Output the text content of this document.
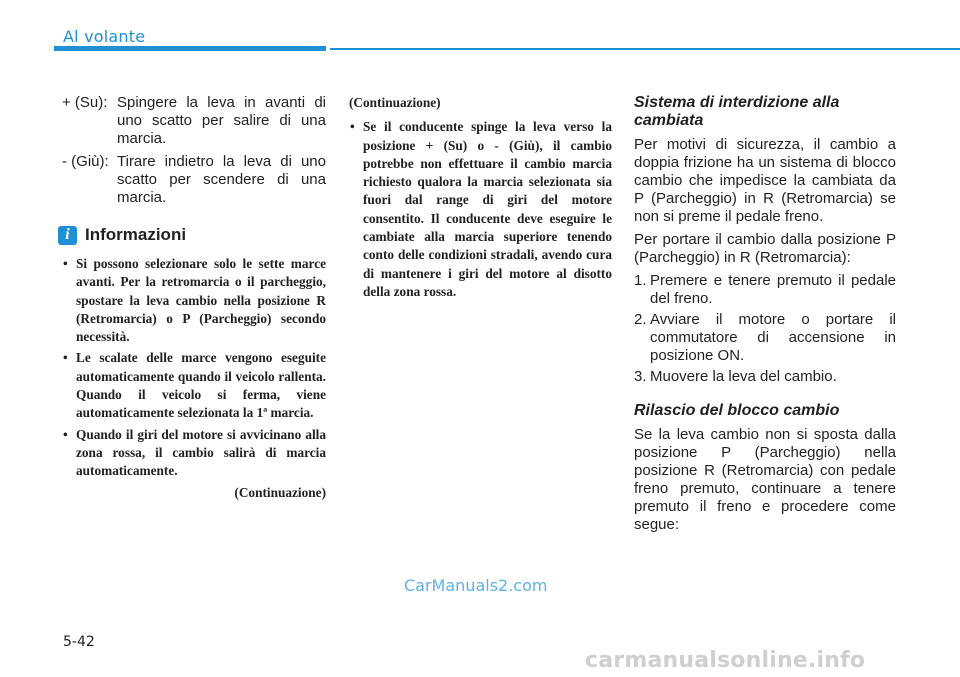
Al volante
+ (Su): Spingere la leva in avanti di uno scatto per salire di una marcia.
- (Giù): Tirare indietro la leva di uno scatto per scendere di una marcia.
i Informazioni
• Si possono selezionare solo le sette marce avanti. Per la retromarcia o il parcheggio, spostare la leva cambio nella posizione R (Retromarcia) o P (Parcheggio) secondo necessità.
• Le scalate delle marce vengono eseguite automaticamente quando il veicolo rallenta. Quando il veicolo si ferma, viene automaticamente selezionata la 1ª marcia.
• Quando il giri del motore si avvicinano alla zona rossa, il cambio salirà di marcia automaticamente.
(Continuazione)
(Continuazione)
• Se il conducente spinge la leva verso la posizione + (Su) o - (Giù), il cambio potrebbe non effettuare il cambio marcia richiesto qualora la marcia selezionata sia fuori dal range di giri del motore consentito. Il conducente deve eseguire le cambiate alla marcia superiore tenendo conto delle condizioni stradali, avendo cura di mantenere i giri del motore al disotto della zona rossa.
Sistema di interdizione alla cambiata
Per motivi di sicurezza, il cambio a doppia frizione ha un sistema di blocco cambio che impedisce la cambiata da P (Parcheggio) in R (Retromarcia) se non si preme il pedale freno.
Per portare il cambio dalla posizione P (Parcheggio) in R (Retromarcia):
1. Premere e tenere premuto il pedale del freno.
2. Avviare il motore o portare il commutatore di accensione in posizione ON.
3. Muovere la leva del cambio.
Rilascio del blocco cambio
Se la leva cambio non si sposta dalla posizione P (Parcheggio) nella posizione R (Retromarcia) con pedale freno premuto, continuare a tenere premuto il freno e procedere come segue:
5-42
CarManuals2.com
carmanualsonline.info
